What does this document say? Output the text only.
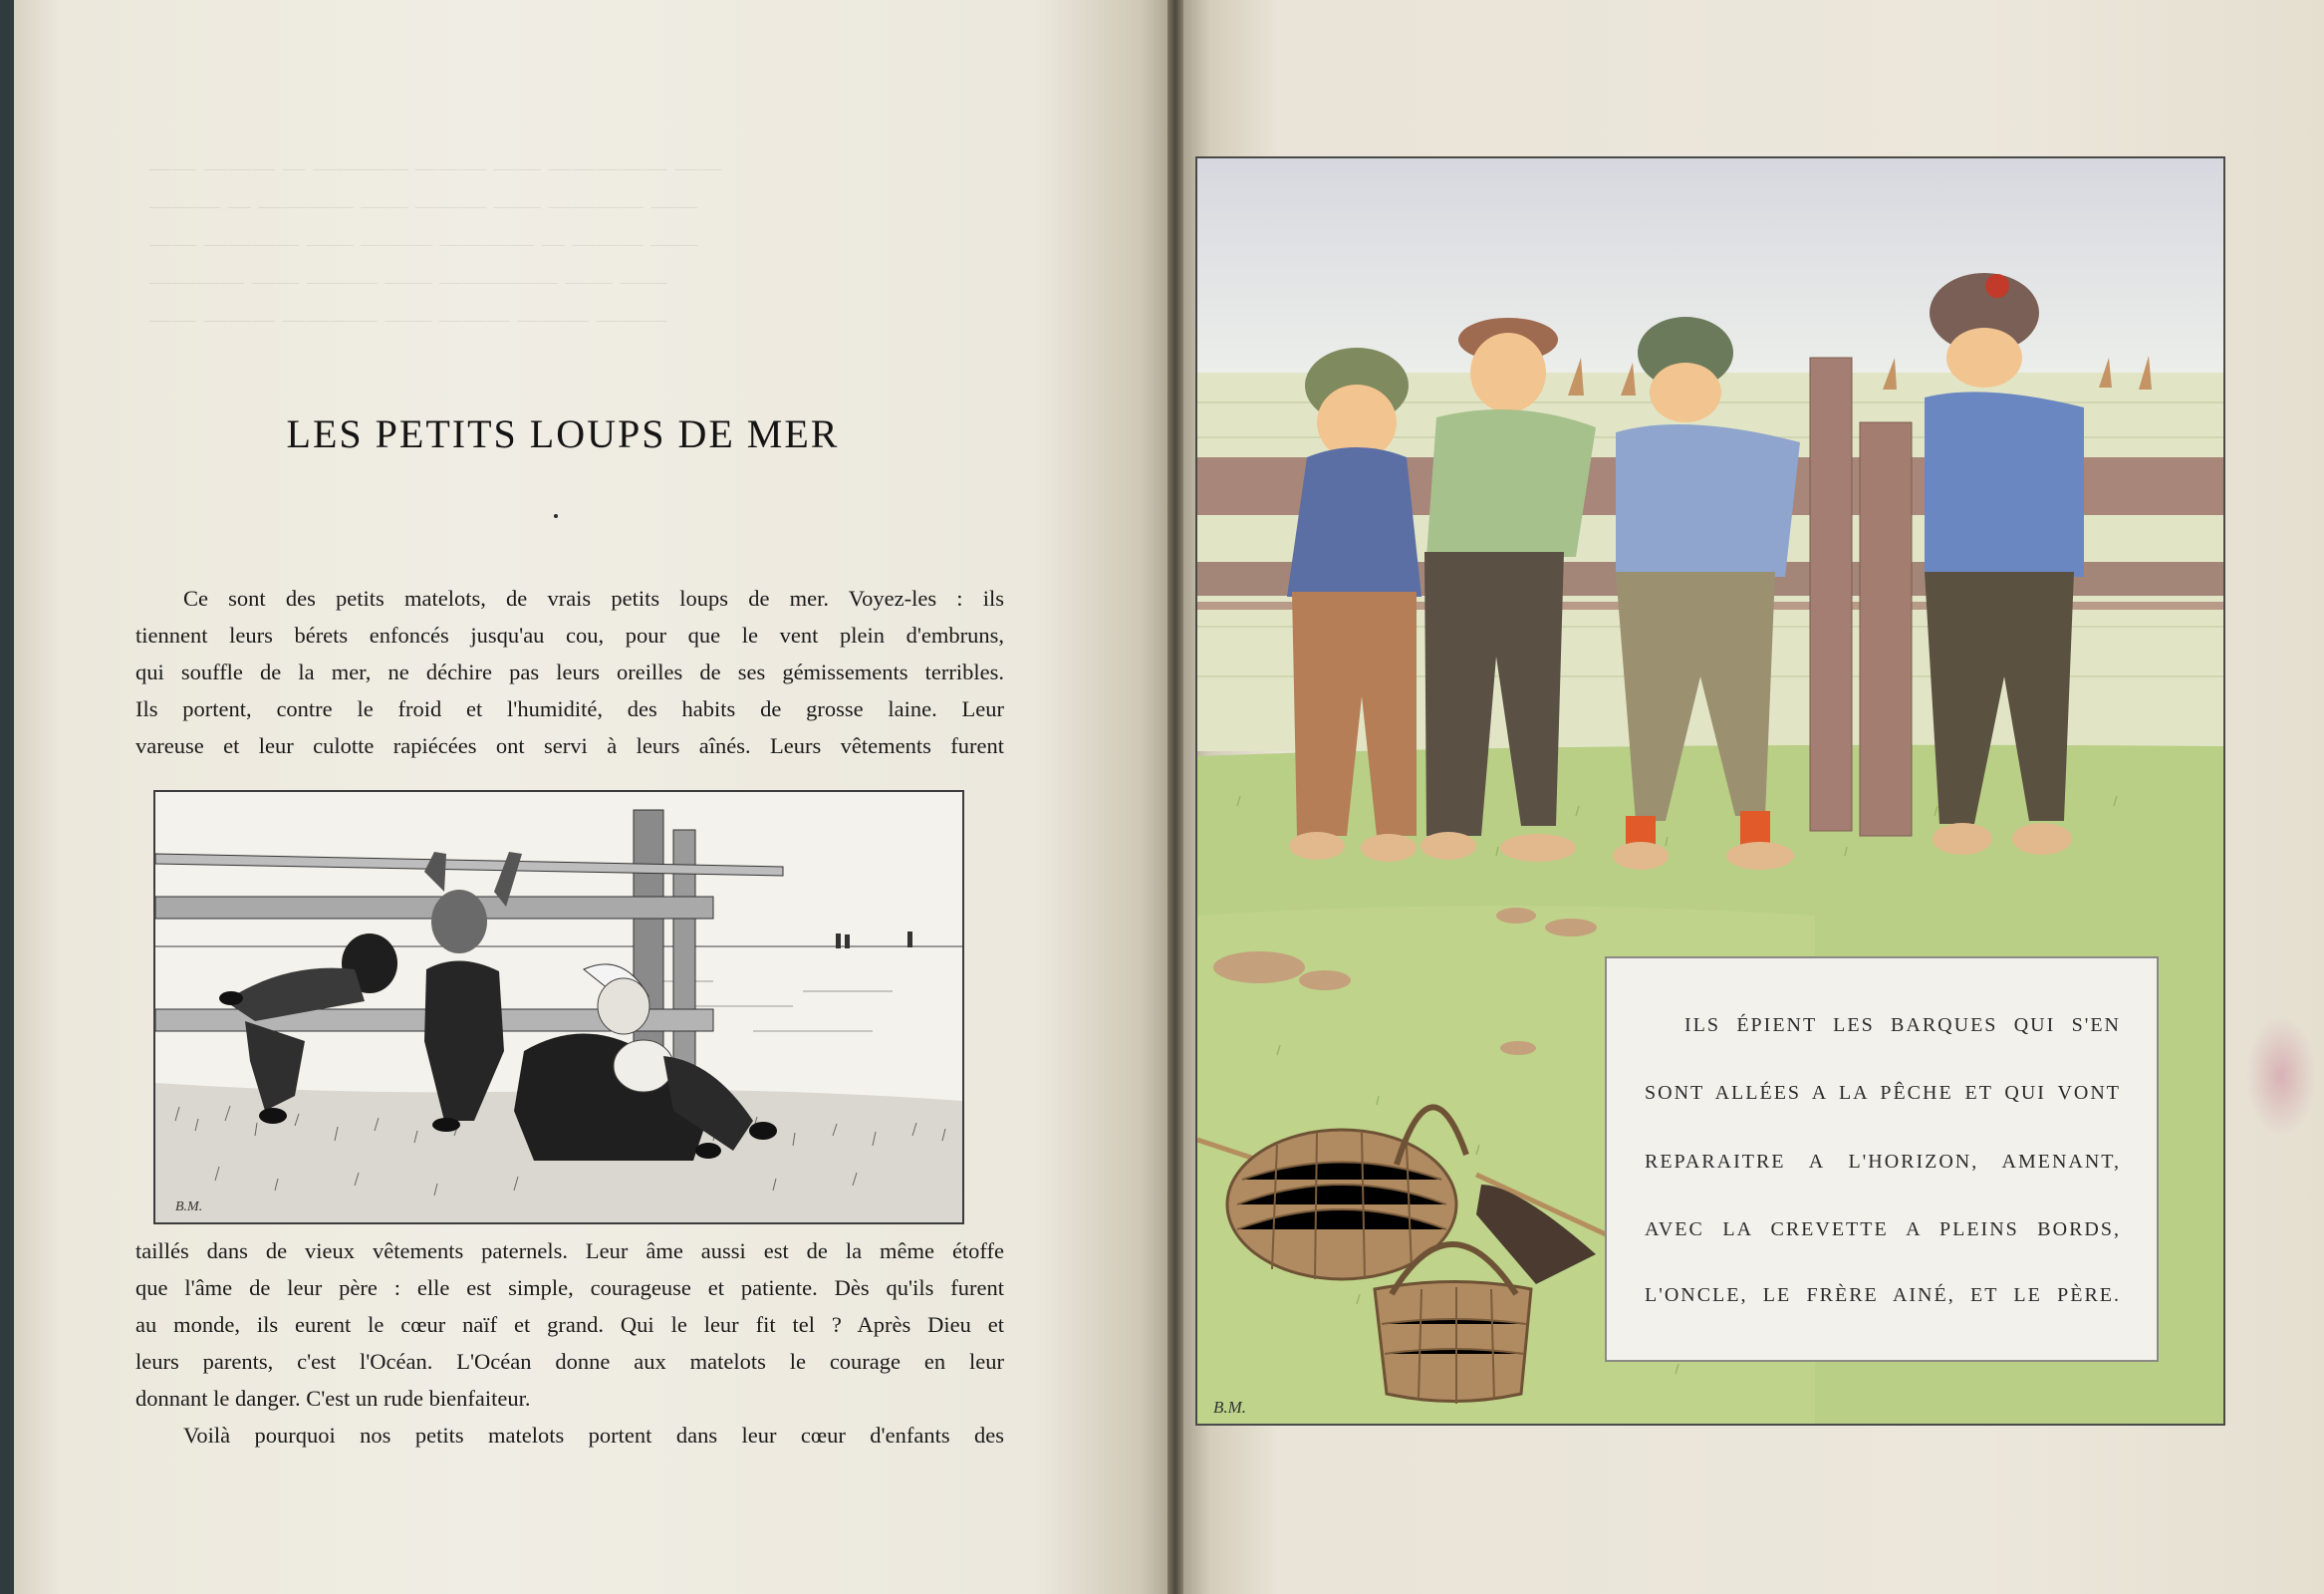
—— ——— — ———— ——— —— ————— ——
——— — ———— —— ——— —— ———— ——
—— ———— —— ——— ———— — ——— ——
———— —— ——— —— ————— —— ——
—— ——— ———— —— ——— ——— ———
LES PETITS LOUPS DE MER
Ce sont des petits matelots, de vrais petits loups de mer. Voyez-les : ils
tiennent leurs bérets enfoncés jusqu'au cou, pour que le vent plein d'embruns,
qui souffle de la mer, ne déchire pas leurs oreilles de ses gémissements terribles.
Ils portent, contre le froid et l'humidité, des habits de grosse laine. Leur
vareuse et leur culotte rapiécées ont servi à leurs aînés. Leurs vêtements furent
B.M.
taillés dans de vieux vêtements paternels. Leur âme aussi est de la même étoffe
que l'âme de leur père : elle est simple, courageuse et patiente. Dès qu'ils furent
au monde, ils eurent le cœur naïf et grand. Qui le leur fit tel ? Après Dieu et
leurs parents, c'est l'Océan. L'Océan donne aux matelots le courage en leur
donnant le danger. C'est un rude bienfaiteur.
Voilà pourquoi nos petits matelots portent dans leur cœur d'enfants des
B.M.
ILS ÉPIENT LES BARQUES QUI S'EN
SONT ALLÉES A LA PÊCHE ET QUI VONT
REPARAITRE A L'HORIZON, AMENANT,
AVEC LA CREVETTE A PLEINS BORDS,
L'ONCLE, LE FRÈRE AINÉ, ET LE PÈRE.
